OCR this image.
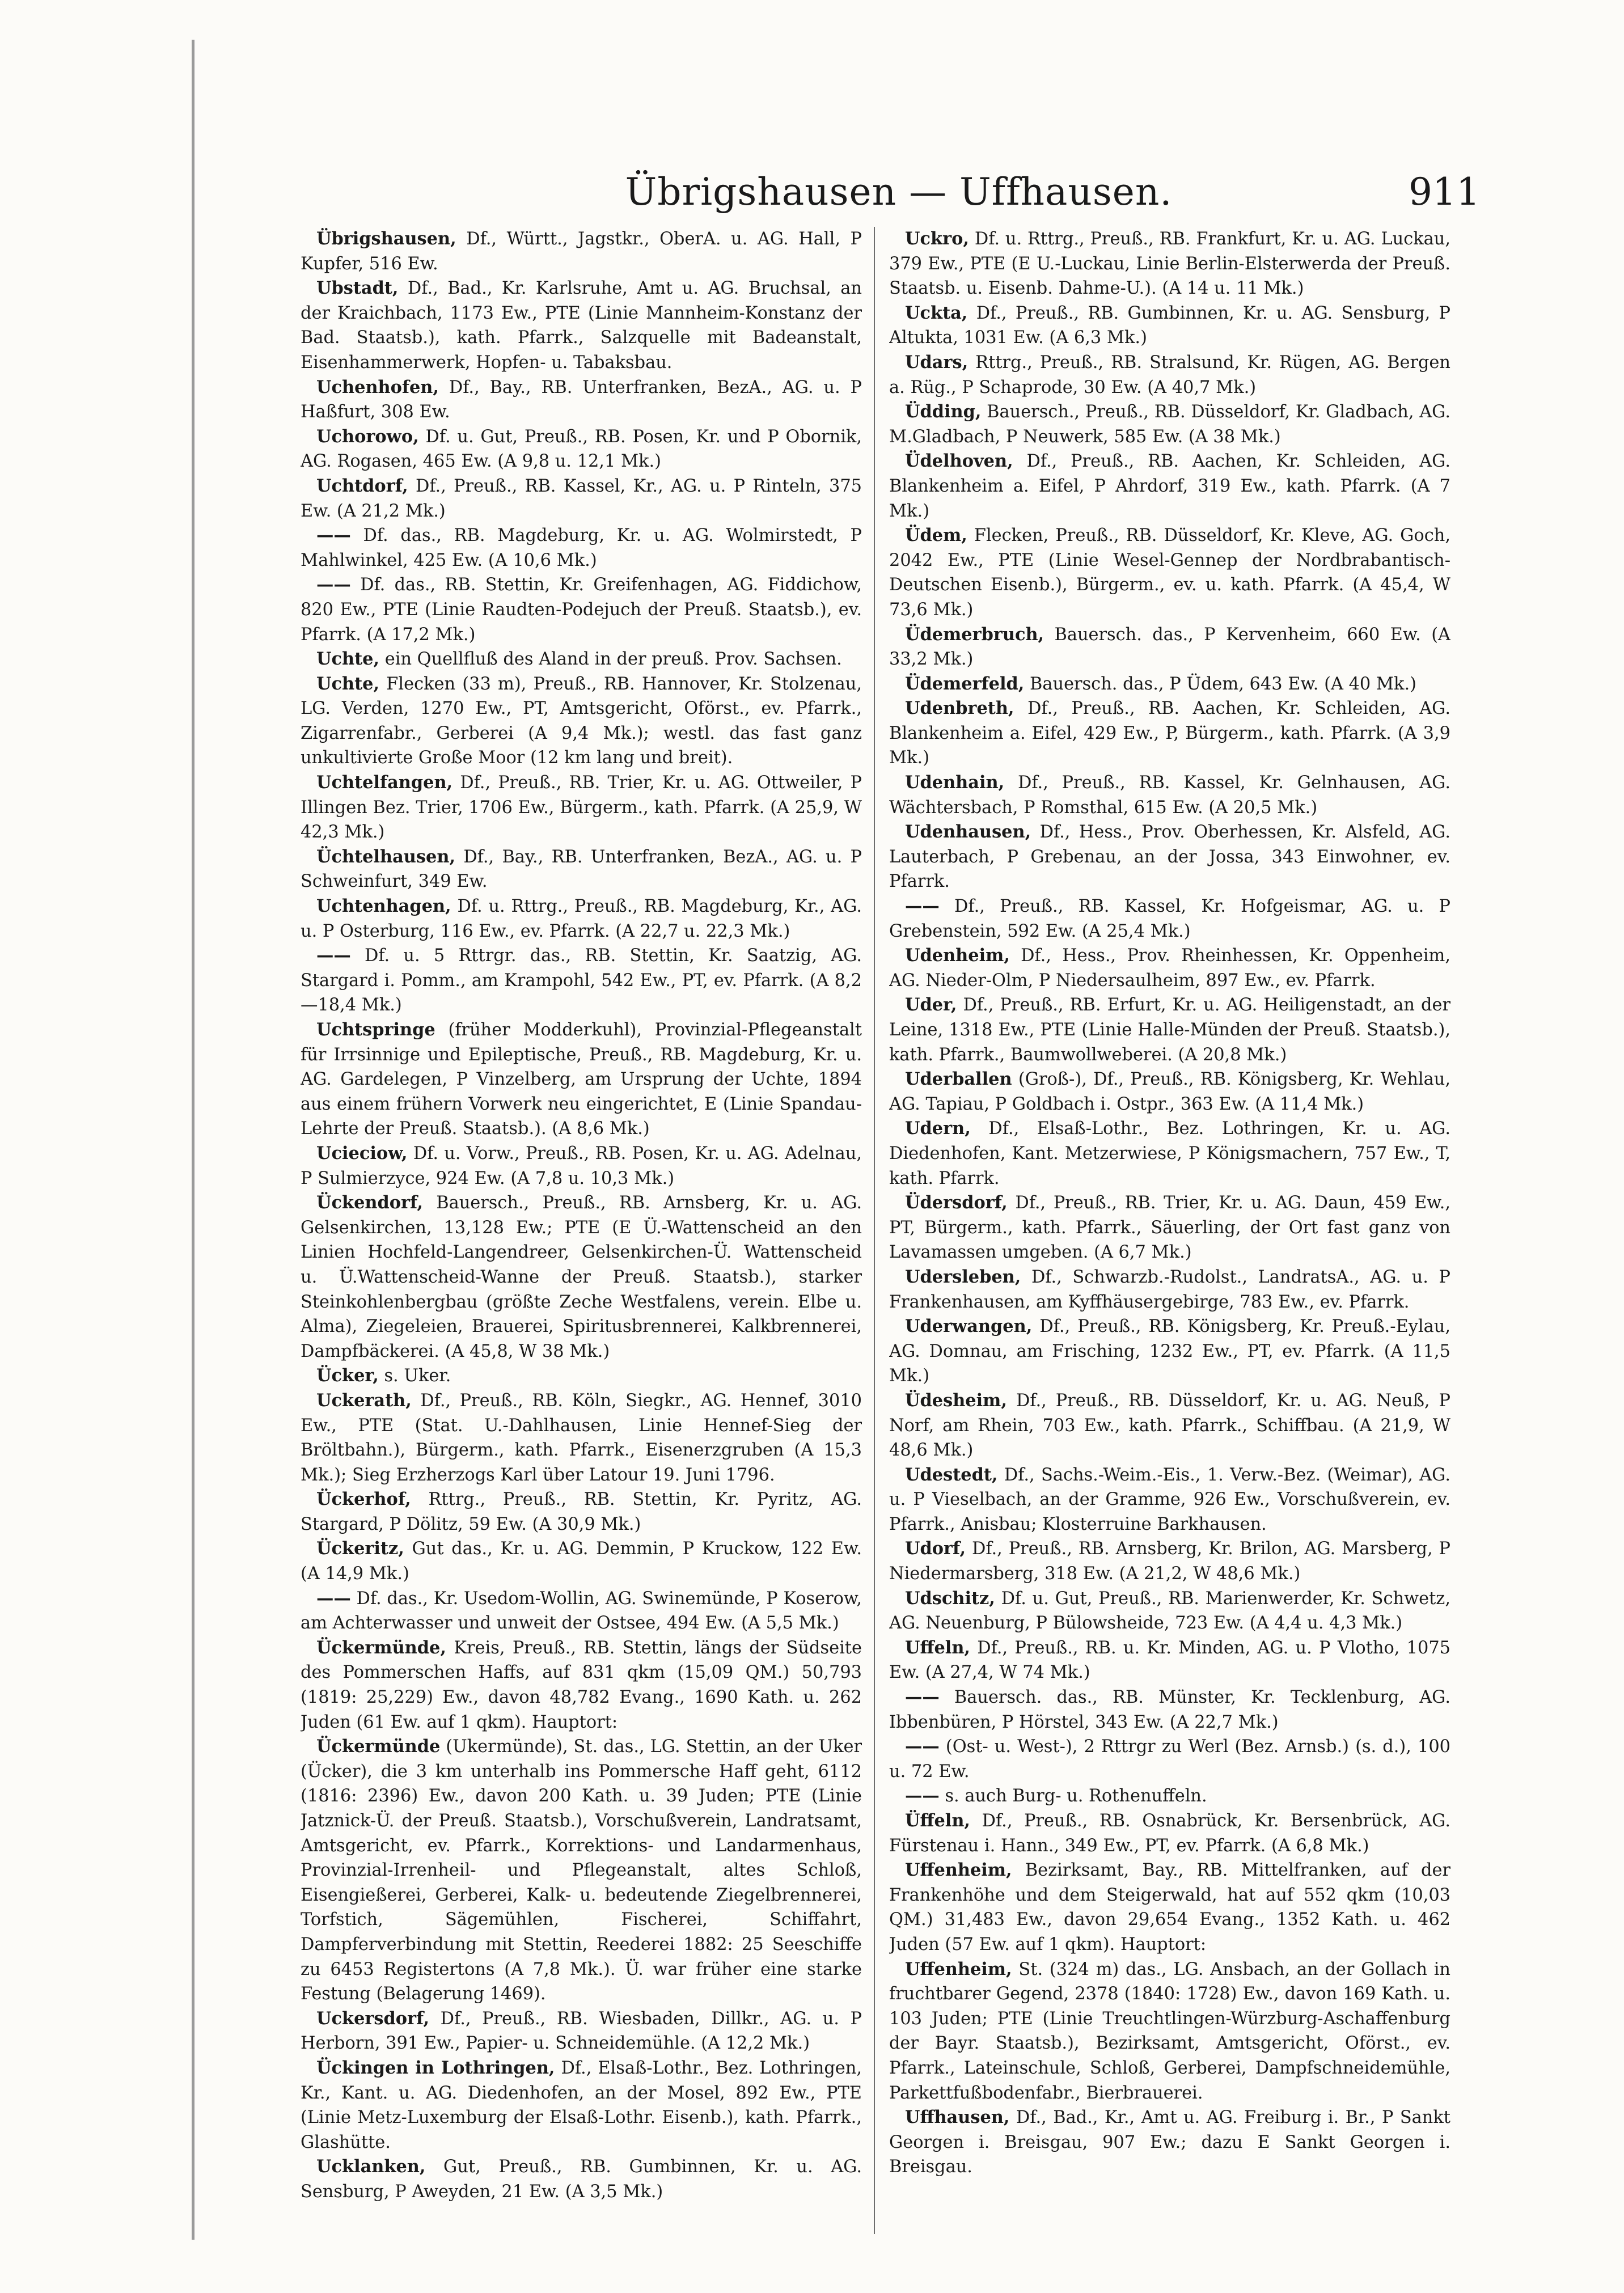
Übrigshausen — Uffhausen.	911

Übrigshausen, Df., Württ., Jagstkr., OberA. u. AG. Hall, P Kupfer, 516 Ew.

Ubstadt, Df., Bad., Kr. Karlsruhe, Amt u. AG. Bruchsal, an der Kraichbach, 1173 Ew., PTE (Linie Mannheim-Konstanz der Bad. Staatsb.), kath. Pfarrk., Salzquelle mit Badeanstalt, Eisenhammerwerk, Hopfen- u. Tabaksbau.

Uchenhofen, Df., Bay., RB. Unterfranken, BezA., AG. u. P Haßfurt, 308 Ew.

Uchorowo, Df. u. Gut, Preuß., RB. Posen, Kr. und P Obornik, AG. Rogasen, 465 Ew. (A 9,8 u. 12,1 Mk.)

Uchtdorf, Df., Preuß., RB. Kassel, Kr., AG. u. P Rinteln, 375 Ew. (A 21,2 Mk.)

—— Df. das., RB. Magdeburg, Kr. u. AG. Wolmirstedt, P Mahlwinkel, 425 Ew. (A 10,6 Mk.)

—— Df. das., RB. Stettin, Kr. Greifenhagen, AG. Fiddichow, 820 Ew., PTE (Linie Raudten-Podejuch der Preuß. Staatsb.), ev. Pfarrk. (A 17,2 Mk.)

Uchte, ein Quellfluß des Aland in der preuß. Prov. Sachsen.

Uchte, Flecken (33 m), Preuß., RB. Hannover, Kr. Stolzenau, LG. Verden, 1270 Ew., PT, Amtsgericht, Oförst., ev. Pfarrk., Zigarrenfabr., Gerberei (A 9,4 Mk.); westl. das fast ganz unkultivierte Große Moor (12 km lang und breit).

Uchtelfangen, Df., Preuß., RB. Trier, Kr. u. AG. Ottweiler, P Illingen Bez. Trier, 1706 Ew., Bürgerm., kath. Pfarrk. (A 25,9, W 42,3 Mk.)

Üchtelhausen, Df., Bay., RB. Unterfranken, BezA., AG. u. P Schweinfurt, 349 Ew.

Uchtenhagen, Df. u. Rttrg., Preuß., RB. Magdeburg, Kr., AG. u. P Osterburg, 116 Ew., ev. Pfarrk. (A 22,7 u. 22,3 Mk.)

—— Df. u. 5 Rttrgr. das., RB. Stettin, Kr. Saatzig, AG. Stargard i. Pomm., am Krampohl, 542 Ew., PT, ev. Pfarrk. (A 8,2—18,4 Mk.)

Uchtspringe (früher Modderkuhl), Provinzial-Pflegeanstalt für Irrsinnige und Epileptische, Preuß., RB. Magdeburg, Kr. u. AG. Gardelegen, P Vinzelberg, am Ursprung der Uchte, 1894 aus einem frühern Vorwerk neu eingerichtet, E (Linie Spandau-Lehrte der Preuß. Staatsb.). (A 8,6 Mk.)

Ucieciow, Df. u. Vorw., Preuß., RB. Posen, Kr. u. AG. Adelnau, P Sulmierzyce, 924 Ew. (A 7,8 u. 10,3 Mk.)

Ückendorf, Bauersch., Preuß., RB. Arnsberg, Kr. u. AG. Gelsenkirchen, 13,128 Ew.; PTE (E Ü.-Wattenscheid an den Linien Hochfeld-Langendreer, Gelsenkirchen-Ü. Wattenscheid u. Ü.Wattenscheid-Wanne der Preuß. Staatsb.), starker Steinkohlenbergbau (größte Zeche Westfalens, verein. Elbe u. Alma), Ziegeleien, Brauerei, Spiritusbrennerei, Kalkbrennerei, Dampfbäckerei. (A 45,8, W 38 Mk.)

Ücker, s. Uker.

Uckerath, Df., Preuß., RB. Köln, Siegkr., AG. Hennef, 3010 Ew., PTE (Stat. U.-Dahlhausen, Linie Hennef-Sieg der Bröltbahn.), Bürgerm., kath. Pfarrk., Eisenerzgruben (A 15,3 Mk.); Sieg Erzherzogs Karl über Latour 19. Juni 1796.

Ückerhof, Rttrg., Preuß., RB. Stettin, Kr. Pyritz, AG. Stargard, P Dölitz, 59 Ew. (A 30,9 Mk.)

Ückeritz, Gut das., Kr. u. AG. Demmin, P Kruckow, 122 Ew. (A 14,9 Mk.)

—— Df. das., Kr. Usedom-Wollin, AG. Swinemünde, P Koserow, am Achterwasser und unweit der Ostsee, 494 Ew. (A 5,5 Mk.)

Ückermünde, Kreis, Preuß., RB. Stettin, längs der Südseite des Pommerschen Haffs, auf 831 qkm (15,09 QM.) 50,793 (1819: 25,229) Ew., davon 48,782 Evang., 1690 Kath. u. 262 Juden (61 Ew. auf 1 qkm). Hauptort:

Ückermünde (Ukermünde), St. das., LG. Stettin, an der Uker (Ücker), die 3 km unterhalb ins Pommersche Haff geht, 6112 (1816: 2396) Ew., davon 200 Kath. u. 39 Juden; PTE (Linie Jatznick-Ü. der Preuß. Staatsb.), Vorschußverein, Landratsamt, Amtsgericht, ev. Pfarrk., Korrektions- und Landarmenhaus, Provinzial-Irrenheil- und Pflegeanstalt, altes Schloß, Eisengießerei, Gerberei, Kalk- u. bedeutende Ziegelbrennerei, Torfstich, Sägemühlen, Fischerei, Schiffahrt, Dampferverbindung mit Stettin, Reederei 1882: 25 Seeschiffe zu 6453 Registertons (A 7,8 Mk.). Ü. war früher eine starke Festung (Belagerung 1469).

Uckersdorf, Df., Preuß., RB. Wiesbaden, Dillkr., AG. u. P Herborn, 391 Ew., Papier- u. Schneidemühle. (A 12,2 Mk.)

Ückingen in Lothringen, Df., Elsaß-Lothr., Bez. Lothringen, Kr., Kant. u. AG. Diedenhofen, an der Mosel, 892 Ew., PTE (Linie Metz-Luxemburg der Elsaß-Lothr. Eisenb.), kath. Pfarrk., Glashütte.

Ucklanken, Gut, Preuß., RB. Gumbinnen, Kr. u. AG. Sensburg, P Aweyden, 21 Ew. (A 3,5 Mk.)

Uckro, Df. u. Rttrg., Preuß., RB. Frankfurt, Kr. u. AG. Luckau, 379 Ew., PTE (E U.-Luckau, Linie Berlin-Elsterwerda der Preuß. Staatsb. u. Eisenb. Dahme-U.). (A 14 u. 11 Mk.)

Uckta, Df., Preuß., RB. Gumbinnen, Kr. u. AG. Sensburg, P Altukta, 1031 Ew. (A 6,3 Mk.)

Udars, Rttrg., Preuß., RB. Stralsund, Kr. Rügen, AG. Bergen a. Rüg., P Schaprode, 30 Ew. (A 40,7 Mk.)

Üdding, Bauersch., Preuß., RB. Düsseldorf, Kr. Gladbach, AG. M.Gladbach, P Neuwerk, 585 Ew. (A 38 Mk.)

Üdelhoven, Df., Preuß., RB. Aachen, Kr. Schleiden, AG. Blankenheim a. Eifel, P Ahrdorf, 319 Ew., kath. Pfarrk. (A 7 Mk.)

Üdem, Flecken, Preuß., RB. Düsseldorf, Kr. Kleve, AG. Goch, 2042 Ew., PTE (Linie Wesel-Gennep der Nordbrabantisch-Deutschen Eisenb.), Bürgerm., ev. u. kath. Pfarrk. (A 45,4, W 73,6 Mk.)

Üdemerbruch, Bauersch. das., P Kervenheim, 660 Ew. (A 33,2 Mk.)

Üdemerfeld, Bauersch. das., P Üdem, 643 Ew. (A 40 Mk.)

Udenbreth, Df., Preuß., RB. Aachen, Kr. Schleiden, AG. Blankenheim a. Eifel, 429 Ew., P, Bürgerm., kath. Pfarrk. (A 3,9 Mk.)

Udenhain, Df., Preuß., RB. Kassel, Kr. Gelnhausen, AG. Wächtersbach, P Romsthal, 615 Ew. (A 20,5 Mk.)

Udenhausen, Df., Hess., Prov. Oberhessen, Kr. Alsfeld, AG. Lauterbach, P Grebenau, an der Jossa, 343 Einwohner, ev. Pfarrk.

—— Df., Preuß., RB. Kassel, Kr. Hofgeismar, AG. u. P Grebenstein, 592 Ew. (A 25,4 Mk.)

Udenheim, Df., Hess., Prov. Rheinhessen, Kr. Oppenheim, AG. Nieder-Olm, P Niedersaulheim, 897 Ew., ev. Pfarrk.

Uder, Df., Preuß., RB. Erfurt, Kr. u. AG. Heiligenstadt, an der Leine, 1318 Ew., PTE (Linie Halle-Münden der Preuß. Staatsb.), kath. Pfarrk., Baumwollweberei. (A 20,8 Mk.)

Uderballen (Groß-), Df., Preuß., RB. Königsberg, Kr. Wehlau, AG. Tapiau, P Goldbach i. Ostpr., 363 Ew. (A 11,4 Mk.)

Udern, Df., Elsaß-Lothr., Bez. Lothringen, Kr. u. AG. Diedenhofen, Kant. Metzerwiese, P Königsmachern, 757 Ew., T, kath. Pfarrk.

Üdersdorf, Df., Preuß., RB. Trier, Kr. u. AG. Daun, 459 Ew., PT, Bürgerm., kath. Pfarrk., Säuerling, der Ort fast ganz von Lavamassen umgeben. (A 6,7 Mk.)

Udersleben, Df., Schwarzb.-Rudolst., LandratsA., AG. u. P Frankenhausen, am Kyffhäusergebirge, 783 Ew., ev. Pfarrk.

Uderwangen, Df., Preuß., RB. Königsberg, Kr. Preuß.-Eylau, AG. Domnau, am Frisching, 1232 Ew., PT, ev. Pfarrk. (A 11,5 Mk.)

Üdesheim, Df., Preuß., RB. Düsseldorf, Kr. u. AG. Neuß, P Norf, am Rhein, 703 Ew., kath. Pfarrk., Schiffbau. (A 21,9, W 48,6 Mk.)

Udestedt, Df., Sachs.-Weim.-Eis., 1. Verw.-Bez. (Weimar), AG. u. P Vieselbach, an der Gramme, 926 Ew., Vorschußverein, ev. Pfarrk., Anisbau; Klosterruine Barkhausen.

Udorf, Df., Preuß., RB. Arnsberg, Kr. Brilon, AG. Marsberg, P Niedermarsberg, 318 Ew. (A 21,2, W 48,6 Mk.)

Udschitz, Df. u. Gut, Preuß., RB. Marienwerder, Kr. Schwetz, AG. Neuenburg, P Bülowsheide, 723 Ew. (A 4,4 u. 4,3 Mk.)

Uffeln, Df., Preuß., RB. u. Kr. Minden, AG. u. P Vlotho, 1075 Ew. (A 27,4, W 74 Mk.)

—— Bauersch. das., RB. Münster, Kr. Tecklenburg, AG. Ibbenbüren, P Hörstel, 343 Ew. (A 22,7 Mk.)

—— (Ost- u. West-), 2 Rttrgr zu Werl (Bez. Arnsb.) (s. d.), 100 u. 72 Ew.

—— s. auch Burg- u. Rothenuffeln.

Üffeln, Df., Preuß., RB. Osnabrück, Kr. Bersenbrück, AG. Fürstenau i. Hann., 349 Ew., PT, ev. Pfarrk. (A 6,8 Mk.)

Uffenheim, Bezirksamt, Bay., RB. Mittelfranken, auf der Frankenhöhe und dem Steigerwald, hat auf 552 qkm (10,03 QM.) 31,483 Ew., davon 29,654 Evang., 1352 Kath. u. 462 Juden (57 Ew. auf 1 qkm). Hauptort:

Uffenheim, St. (324 m) das., LG. Ansbach, an der Gollach in fruchtbarer Gegend, 2378 (1840: 1728) Ew., davon 169 Kath. u. 103 Juden; PTE (Linie Treuchtlingen-Würzburg-Aschaffenburg der Bayr. Staatsb.), Bezirksamt, Amtsgericht, Oförst., ev. Pfarrk., Lateinschule, Schloß, Gerberei, Dampfschneidemühle, Parkettfußbodenfabr., Bierbrauerei.

Uffhausen, Df., Bad., Kr., Amt u. AG. Freiburg i. Br., P Sankt Georgen i. Breisgau, 907 Ew.; dazu E Sankt Georgen i. Breisgau.
